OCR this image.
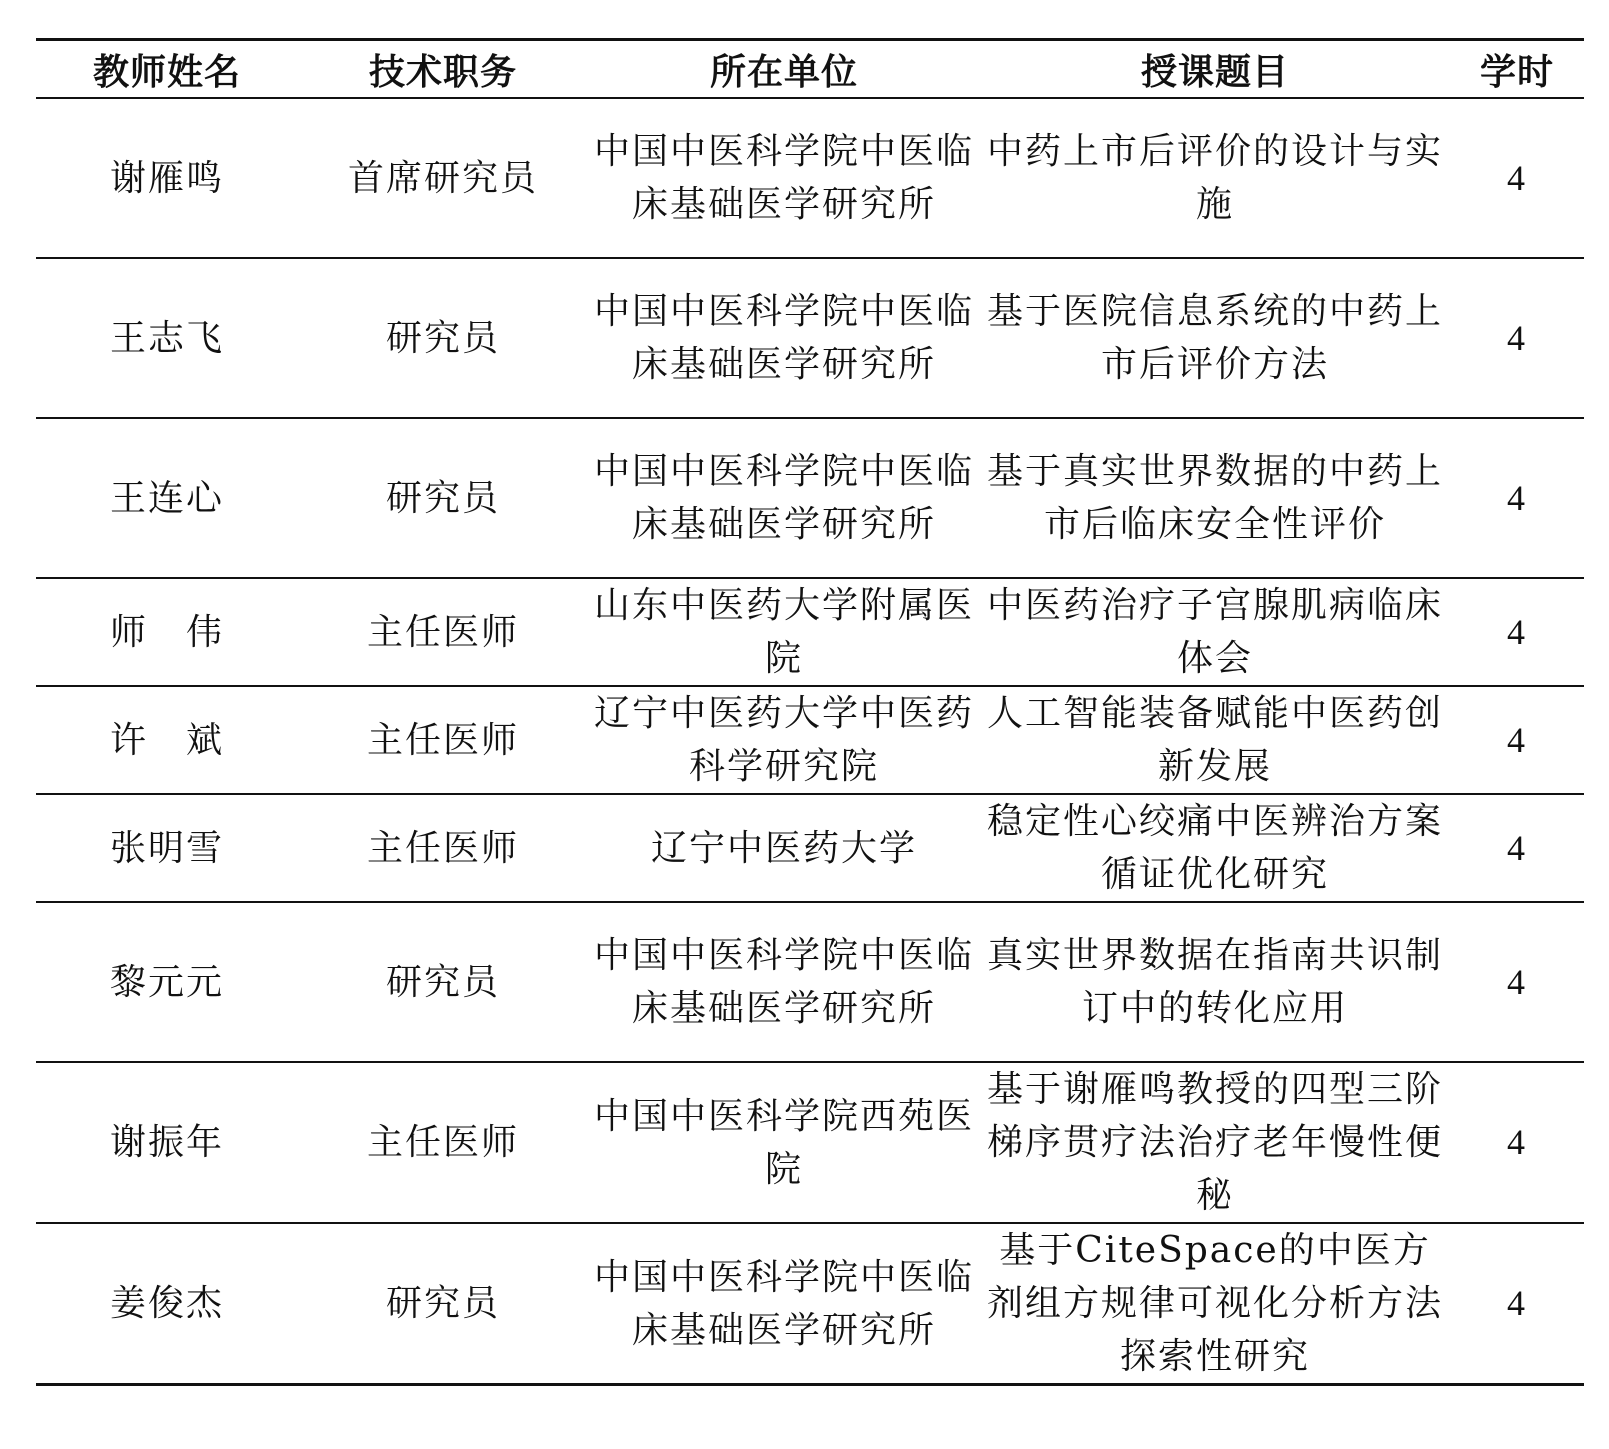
教师姓名	技术职务	所在单位	授课题目	学时
谢雁鸣	首席研究员	中国中医科学院中医临床基础医学研究所	中药上市后评价的设计与实施	4
王志飞	研究员	中国中医科学院中医临床基础医学研究所	基于医院信息系统的中药上市后评价方法	4
王连心	研究员	中国中医科学院中医临床基础医学研究所	基于真实世界数据的中药上市后临床安全性评价	4
师　伟	主任医师	山东中医药大学附属医院	中医药治疗子宫腺肌病临床体会	4
许　斌	主任医师	辽宁中医药大学中医药科学研究院	人工智能装备赋能中医药创新发展	4
张明雪	主任医师	辽宁中医药大学	稳定性心绞痛中医辨治方案循证优化研究	4
黎元元	研究员	中国中医科学院中医临床基础医学研究所	真实世界数据在指南共识制订中的转化应用	4
谢振年	主任医师	中国中医科学院西苑医院	基于谢雁鸣教授的四型三阶梯序贯疗法治疗老年慢性便秘	4
姜俊杰	研究员	中国中医科学院中医临床基础医学研究所	基于CiteSpace的中医方剂组方规律可视化分析方法探索性研究	4
